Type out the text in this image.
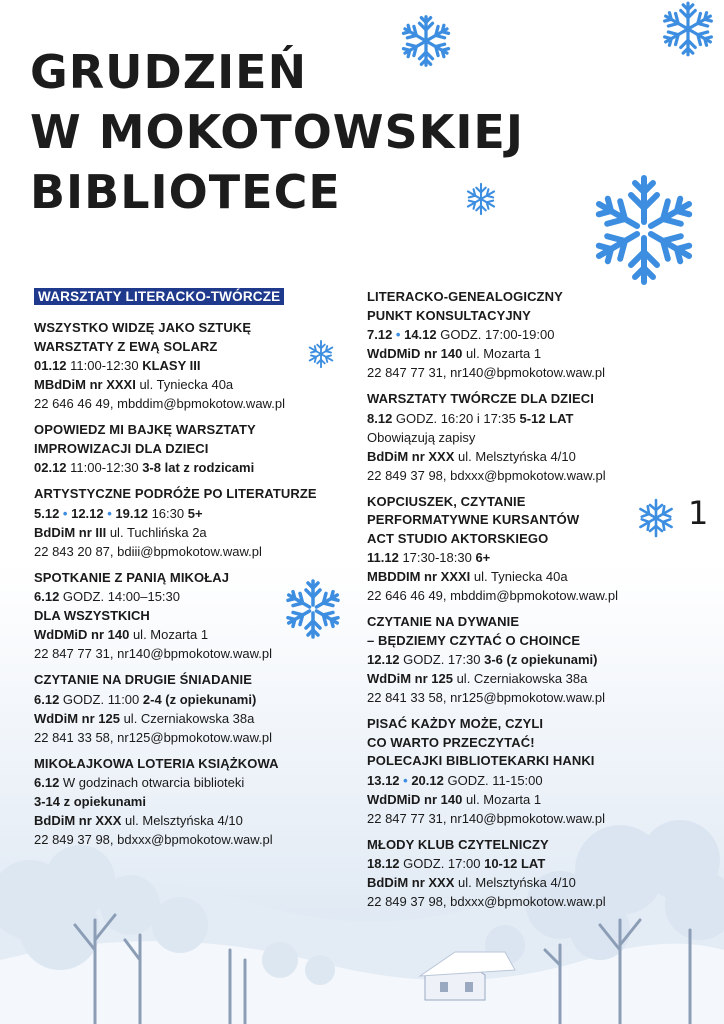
GRUDZIEŃ
W MOKOTOWSKIEJ
BIBLIOTECE
1
WARSZTATY LITERACKO-TWÓRCZE
WSZYSTKO WIDZĘ JAKO SZTUKĘ
WARSZTATY Z EWĄ SOLARZ
01.12 11:00-12:30 KLASY III
MBdDiM nr XXXI ul. Tyniecka 40a
22 646 46 49, mbddim@bpmokotow.waw.pl
OPOWIEDZ MI BAJKĘ WARSZTATY
IMPROWIZACJI DLA DZIECI
02.12 11:00-12:30 3-8 lat z rodzicami
ARTYSTYCZNE PODRÓŻE PO LITERATURZE
5.12 • 12.12 • 19.12 16:30 5+
BdDiM nr III ul. Tuchlińska 2a
22 843 20 87, bdiii@bpmokotow.waw.pl
SPOTKANIE Z PANIĄ MIKOŁAJ
6.12 GODZ. 14:00–15:30
DLA WSZYSTKICH
WdDMiD nr 140 ul. Mozarta 1
22 847 77 31, nr140@bpmokotow.waw.pl
CZYTANIE NA DRUGIE ŚNIADANIE
6.12 GODZ. 11:00 2-4 (z opiekunami)
WdDiM nr 125 ul. Czerniakowska 38a
22 841 33 58, nr125@bpmokotow.waw.pl
MIKOŁAJKOWA LOTERIA KSIĄŻKOWA
6.12 W godzinach otwarcia biblioteki
3-14 z opiekunami
BdDiM nr XXX ul. Melsztyńska 4/10
22 849 37 98, bdxxx@bpmokotow.waw.pl
LITERACKO-GENEALOGICZNY
PUNKT KONSULTACYJNY
7.12 • 14.12 GODZ. 17:00-19:00
WdDMiD nr 140 ul. Mozarta 1
22 847 77 31, nr140@bpmokotow.waw.pl
WARSZTATY TWÓRCZE DLA DZIECI
8.12 GODZ. 16:20 i 17:35 5-12 LAT
Obowiązują zapisy
BdDiM nr XXX ul. Melsztyńska 4/10
22 849 37 98, bdxxx@bpmokotow.waw.pl
KOPCIUSZEK, CZYTANIE
PERFORMATYWNE KURSANTÓW
ACT STUDIO AKTORSKIEGO
11.12 17:30-18:30 6+
MBDDIM nr XXXI ul. Tyniecka 40a
22 646 46 49, mbddim@bpmokotow.waw.pl
CZYTANIE NA DYWANIE
– BĘDZIEMY CZYTAĆ O CHOINCE
12.12 GODZ. 17:30 3-6 (z opiekunami)
WdDiM nr 125 ul. Czerniakowska 38a
22 841 33 58, nr125@bpmokotow.waw.pl
PISAĆ KAŻDY MOŻE, CZYLI
CO WARTO PRZECZYTAĆ!
POLECAJKI BIBLIOTEKARKI HANKI
13.12 • 20.12 GODZ. 11-15:00
WdDMiD nr 140 ul. Mozarta 1
22 847 77 31, nr140@bpmokotow.waw.pl
MŁODY KLUB CZYTELNICZY
18.12 GODZ. 17:00 10-12 LAT
BdDiM nr XXX ul. Melsztyńska 4/10
22 849 37 98, bdxxx@bpmokotow.waw.pl
